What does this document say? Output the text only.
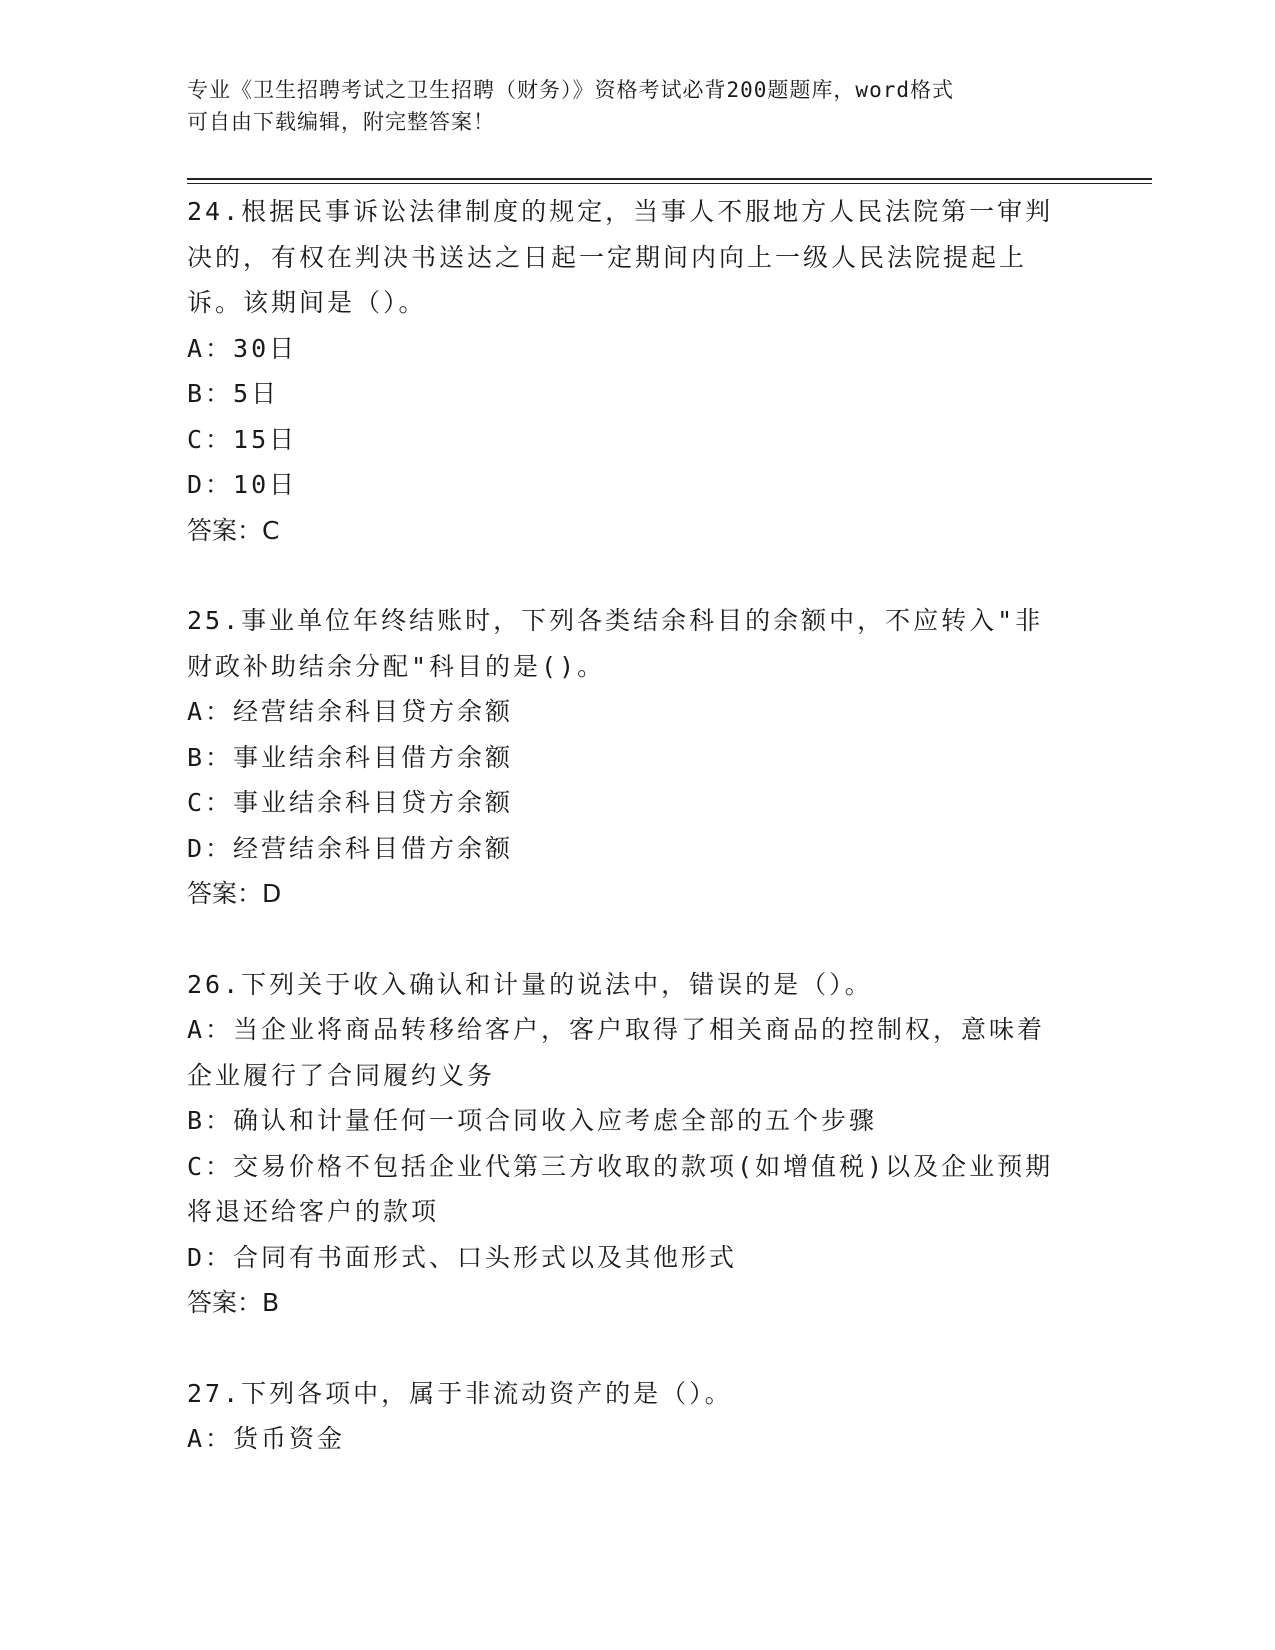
专业《卫生招聘考试之卫生招聘（财务）》资格考试必背200题题库，word格式
可自由下载编辑，附完整答案！
24.根据民事诉讼法律制度的规定，当事人不服地方人民法院第一审判
决的，有权在判决书送达之日起一定期间内向上一级人民法院提起上
诉。该期间是（）。
A：30日
B：5日
C：15日
D：10日
答案：C
25.事业单位年终结账时，下列各类结余科目的余额中，不应转入"非
财政补助结余分配"科目的是()。
A：经营结余科目贷方余额
B：事业结余科目借方余额
C：事业结余科目贷方余额
D：经营结余科目借方余额
答案：D
26.下列关于收入确认和计量的说法中，错误的是（）。
A：当企业将商品转移给客户，客户取得了相关商品的控制权，意味着
企业履行了合同履约义务
B：确认和计量任何一项合同收入应考虑全部的五个步骤
C：交易价格不包括企业代第三方收取的款项(如增值税)以及企业预期
将退还给客户的款项
D：合同有书面形式、口头形式以及其他形式
答案：B
27.下列各项中，属于非流动资产的是（）。
A：货币资金
